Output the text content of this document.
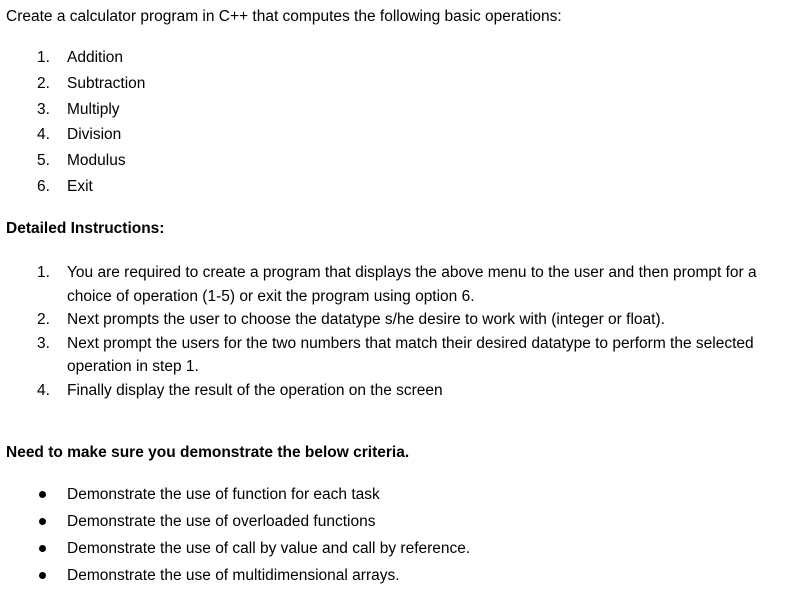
Create a calculator program in C++ that computes the following basic operations:
1.	Addition
2.	Subtraction
3.	Multiply
4.	Division
5.	Modulus
6.	Exit
Detailed Instructions:
1.	You are required to create a program that displays the above menu to the user and then prompt for a choice of operation (1-5) or exit the program using option 6.
2.	Next prompts the user to choose the datatype s/he desire to work with (integer or float).
3.	Next prompt the users for the two numbers that match their desired datatype to perform the selected operation in step 1.
4.	Finally display the result of the operation on the screen
Need to make sure you demonstrate the below criteria.
Demonstrate the use of function for each task
Demonstrate the use of overloaded functions
Demonstrate the use of call by value and call by reference.
Demonstrate the use of multidimensional arrays.
